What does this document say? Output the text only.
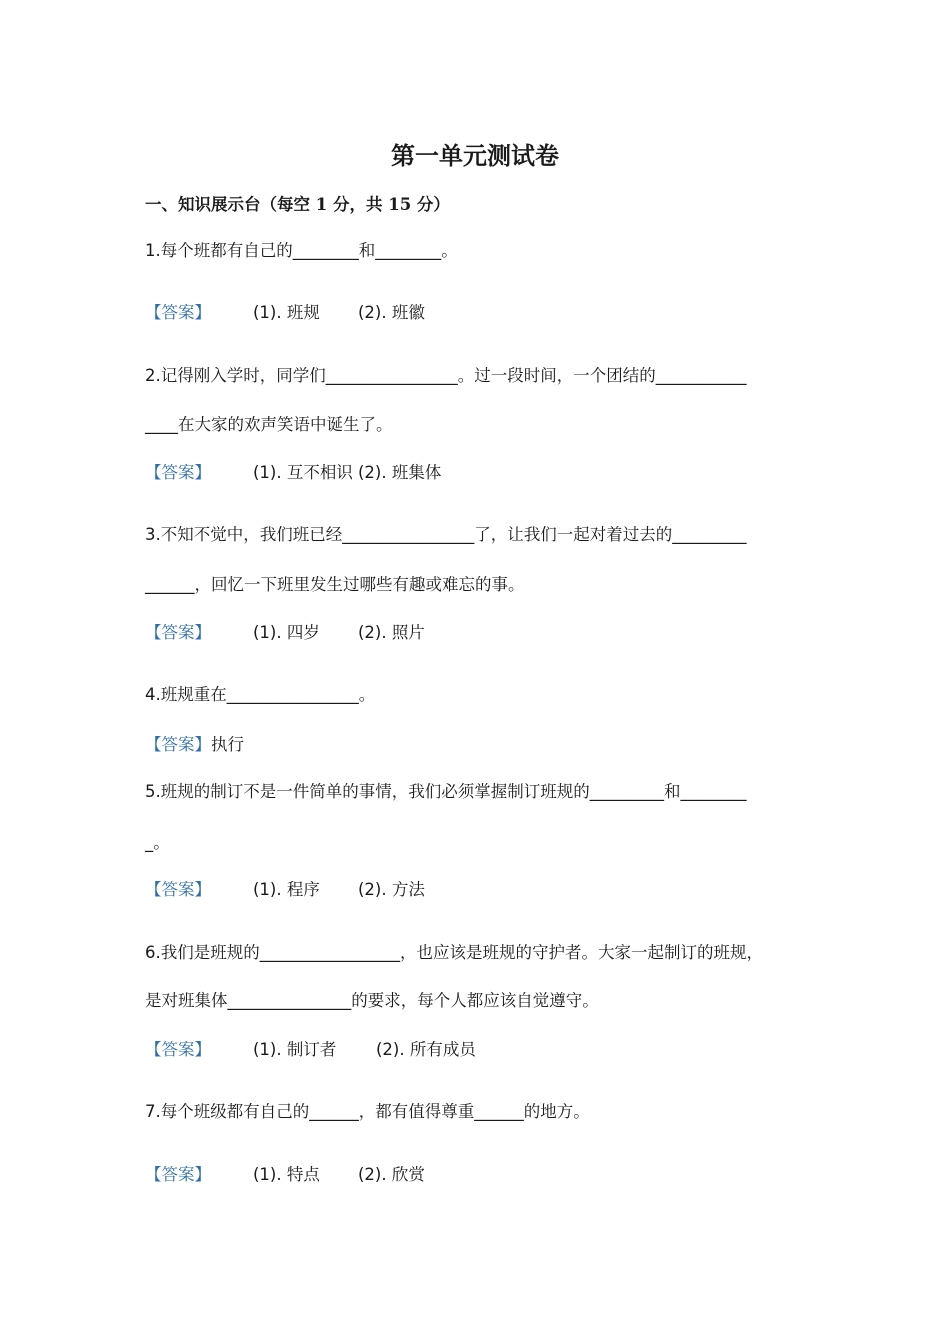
第一单元测试卷
一、知识展示台（每空 1 分，共 15 分）
1.每个班都有自己的________和________。
【答案】	(1). 班规 (2). 班徽
2.记得刚入学时，同学们________________。过一段时间，一个团结的___________
____在大家的欢声笑语中诞生了。
【答案】	(1). 互不相识 (2). 班集体
3.不知不觉中，我们班已经________________了，让我们一起对着过去的_________
______，回忆一下班里发生过哪些有趣或难忘的事。
【答案】	(1). 四岁 (2). 照片
4.班规重在________________。
【答案】执行
5.班规的制订不是一件简单的事情，我们必须掌握制订班规的_________和________
_。
【答案】	(1). 程序 (2). 方法
6.我们是班规的_________________，也应该是班规的守护者。大家一起制订的班规，
是对班集体_______________的要求，每个人都应该自觉遵守。
【答案】	(1). 制订者 (2). 所有成员
7.每个班级都有自己的______，都有值得尊重______的地方。
【答案】	(1). 特点 (2). 欣赏
